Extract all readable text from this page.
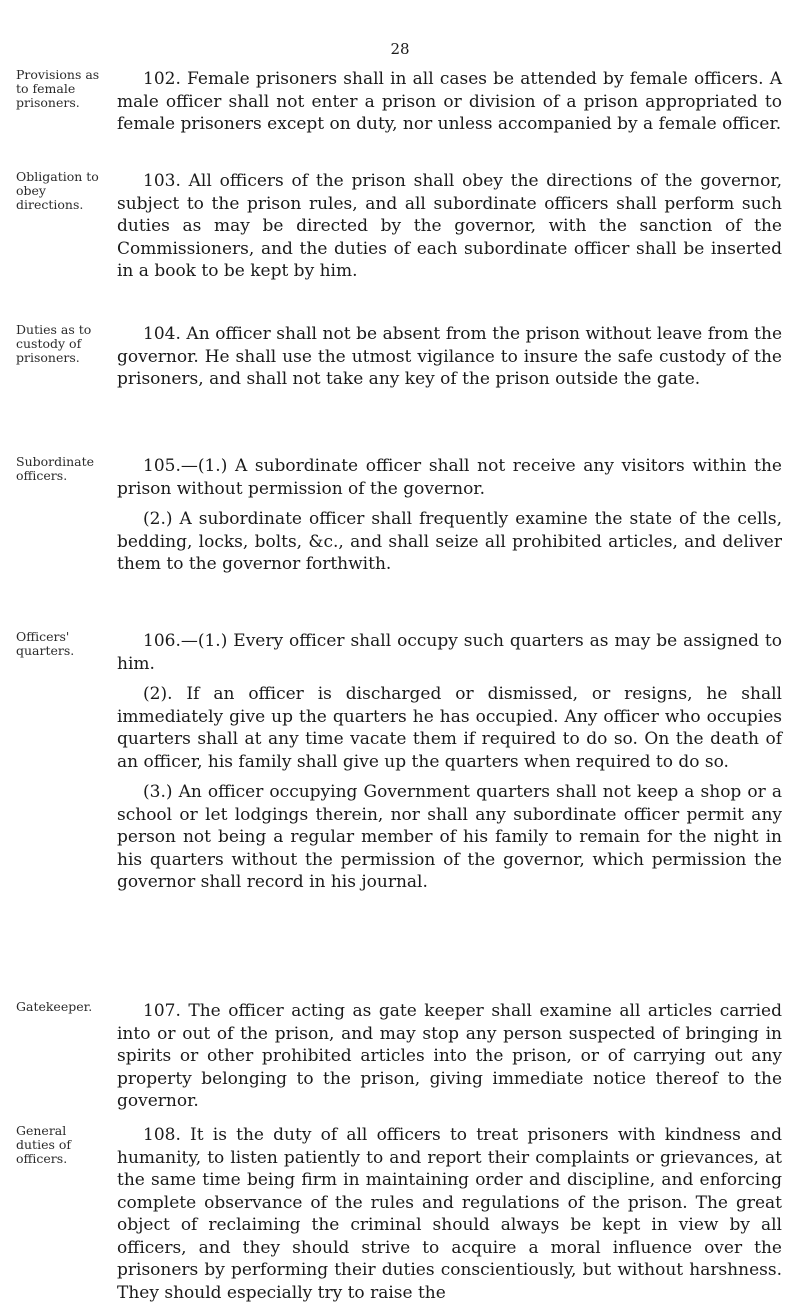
28
Provisions as to female prisoners.

102. Female prisoners shall in all cases be attended by female officers. A male officer shall not enter a prison or division of a prison appropriated to female prisoners except on duty, nor unless accompanied by a female officer.

Obligation to obey directions.

103. All officers of the prison shall obey the directions of the governor, subject to the prison rules, and all subordinate officers shall perform such duties as may be directed by the governor, with the sanction of the Commissioners, and the duties of each subordinate officer shall be inserted in a book to be kept by him.

Duties as to custody of prisoners.

104. An officer shall not be absent from the prison without leave from the governor. He shall use the utmost vigilance to insure the safe custody of the prisoners, and shall not take any key of the prison outside the gate.

Subordinate officers.	105.—(1.) A subordinate officer shall not receive any visitors within the prison without permission of the governor.

(2.) A subordinate officer shall frequently examine the state of the cells, bedding, locks, bolts, &c., and shall seize all prohibited articles, and deliver them to the governor forthwith.

Officers' quarters.	106.—(1.) Every officer shall occupy such quarters as may be assigned to him.

(2). If an officer is discharged or dismissed, or resigns, he shall immediately give up the quarters he has occupied. Any officer who occupies quarters shall at any time vacate them if required to do so. On the death of an officer, his family shall give up the quarters when required to do so.

(3.) An officer occupying Government quarters shall not keep a shop or a school or let lodgings therein, nor shall any subordinate officer permit any person not being a regular member of his family to remain for the night in his quarters without the permission of the governor, which permission the governor shall record in his journal.

Gatekeeper.	107. The officer acting as gate keeper shall examine all articles carried into or out of the prison, and may stop any person suspected of bringing in spirits or other prohibited articles into the prison, or of carrying out any property belonging to the prison, giving immediate notice thereof to the governor.

General duties of officers.

108. It is the duty of all officers to treat prisoners with kindness and humanity, to listen patiently to and report their complaints or grievances, at the same time being firm in maintaining order and discipline, and enforcing complete observance of the rules and regulations of the prison. The great object of reclaiming the criminal should always be kept in view by all officers, and they should strive to acquire a moral influence over the prisoners by performing their duties conscientiously, but without harshness. They should especially try to raise the
